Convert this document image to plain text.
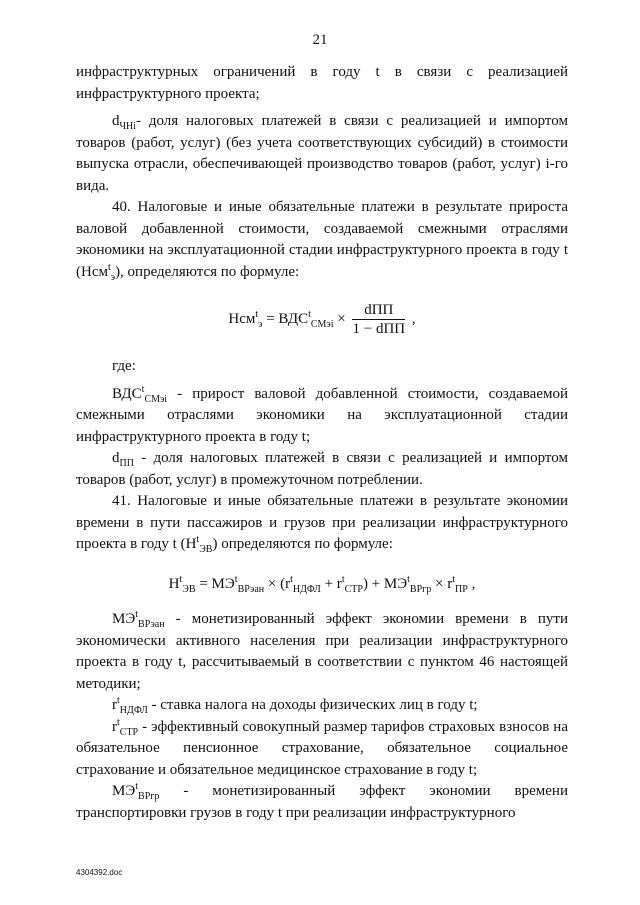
21

инфраструктурных ограничений в году t в связи с реализацией

инфраструктурного проекта;

$d_{ЧНi}-$ доля налоговых платежей в связи с реализацией и импортом товаров (работ, услуг) (без учета соответствующих субсидий) в стоимости выпуска отрасли, обеспечивающей производство товаров (работ, услуг) i-го вида.

40. Налоговые и иные обязательные платежи в результате прироста валовой добавленной стоимости, создаваемой смежными отраслями экономики на эксплуатационной стадии инфраструктурного проекта в году t (Нсм$^t_э$), определяются по формуле:

$Нсм^t_э = ВДС^t_{СМэi} \times \frac{\text{dПП}}{\text{1 − dПП}}$ ,

где:

$ВДС^t_{СМэi}$ - прирост валовой добавленной стоимости, создаваемой смежными отраслями экономики на эксплуатационной стадии инфраструктурного проекта в году t;

$d_{ПП}$ - доля налоговых платежей в связи с реализацией и импортом товаров (работ, услуг) в промежуточном потреблении.

41. Налоговые и иные обязательные платежи в результате экономии времени в пути пассажиров и грузов при реализации инфраструктурного проекта в году t $(Н^t_{ЭВ})$ определяются по формуле:

$Н^t_{ЭВ} = МЭ^t_{ВРэан} \times (r^t_{НДФЛ} + r^t_{СТР}) + МЭ^t_{ВРгр} \times r^t_{ПР}$ ,

$МЭ^t_{ВРэан}$ - монетизированный эффект экономии времени в пути экономически активного населения при реализации инфраструктурного проекта в году t, рассчитываемый в соответствии с пунктом 46 настоящей методики;

$r^t_{НДФЛ}$ - ставка налога на доходы физических лиц в году t;

$r^t_{СТР}$ - эффективный совокупный размер тарифов страховых взносов на обязательное пенсионное страхование, обязательное социальное страхование и обязательное медицинское страхование в году t;

$МЭ^t_{ВРгр}$ - монетизированный эффект экономии времени транспортировки грузов в году t при реализации инфраструктурного

4304392.doc
